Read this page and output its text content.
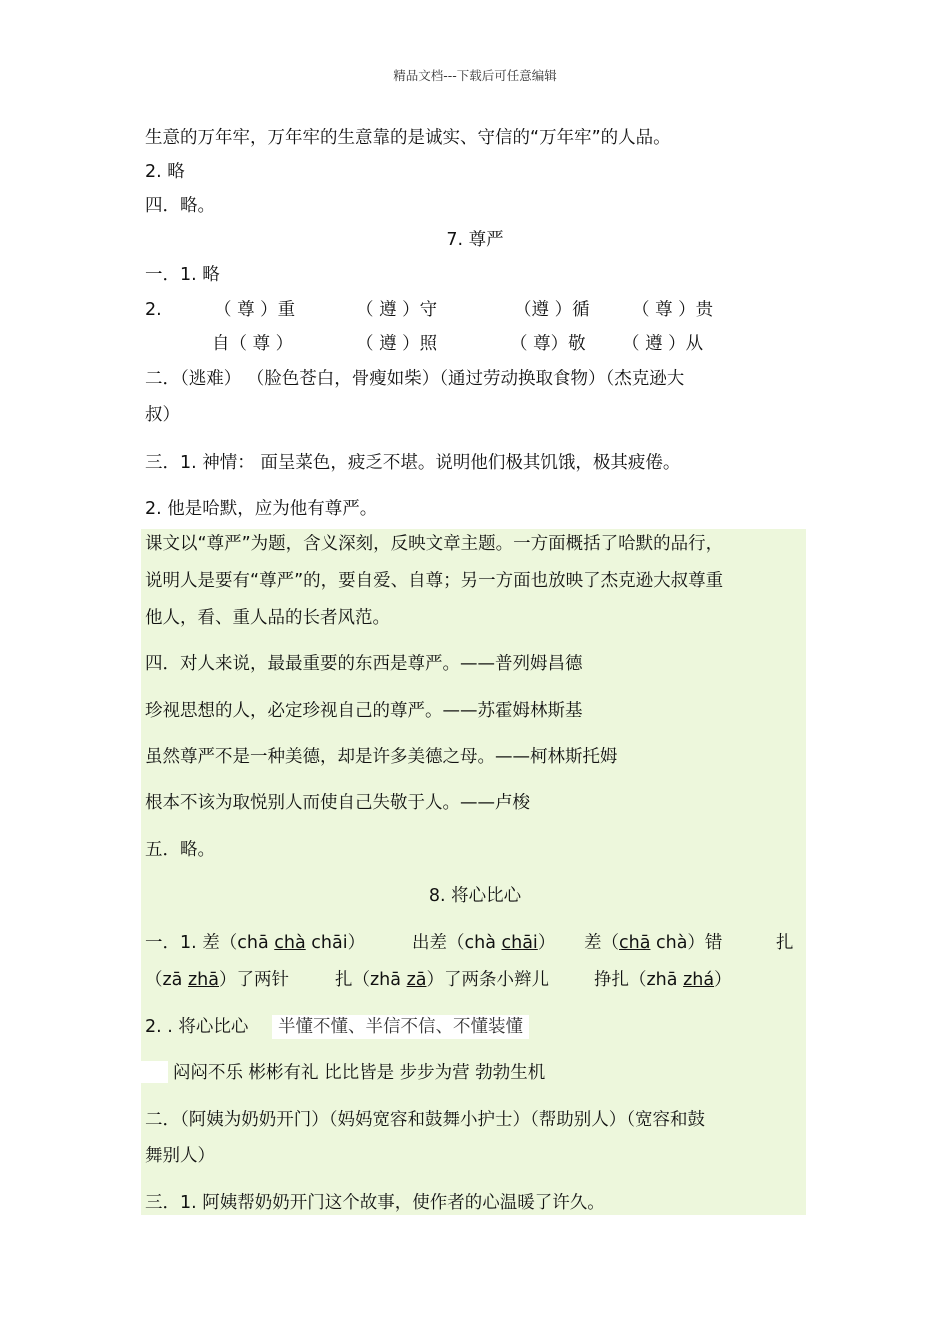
精品文档---下载后可任意编辑
生意的万年牢，万年牢的生意靠的是诚实、守信的“万年牢”的人品。
2. 略
四．略。
7. 尊严
一．1. 略
2.	（ 尊 ）重	（ 遵 ）守	（遵 ）循 （ 尊 ）贵
自（ 尊 ）	（ 遵 ）照	（ 尊）敬 （ 遵 ）从
二．（逃难） （脸色苍白，骨瘦如柴）（通过劳动换取食物）（杰克逊大
叔）
三．1. 神情： 面呈菜色，疲乏不堪。说明他们极其饥饿，极其疲倦。
2. 他是哈默，应为他有尊严。
课文以“尊严”为题，含义深刻，反映文章主题。一方面概括了哈默的品行，
说明人是要有“尊严”的，要自爱、自尊；另一方面也放映了杰克逊大叔尊重
他人，看、重人品的长者风范。
四．对人来说，最最重要的东西是尊严。——普列姆昌德
珍视思想的人，必定珍视自己的尊严。——苏霍姆林斯基
虽然尊严不是一种美德，却是许多美德之母。——柯林斯托姆
根本不该为取悦别人而使自己失敬于人。——卢梭
五．略。
8. 将心比心
一．1. 差（chā chà chāi）	出差（chà chāi） 差（chā chà）错	扎
（zā zhā）了两针	扎（zhā zā）了两条小辫儿	挣扎（zhā zhá）
2. . 将心比心	半懂不懂、半信不信、不懂装懂
闷闷不乐 彬彬有礼 比比皆是 步步为营 勃勃生机
二．（阿姨为奶奶开门）（妈妈宽容和鼓舞小护士）（帮助别人）（宽容和鼓
舞别人）
三．1. 阿姨帮奶奶开门这个故事，使作者的心温暖了许久。
